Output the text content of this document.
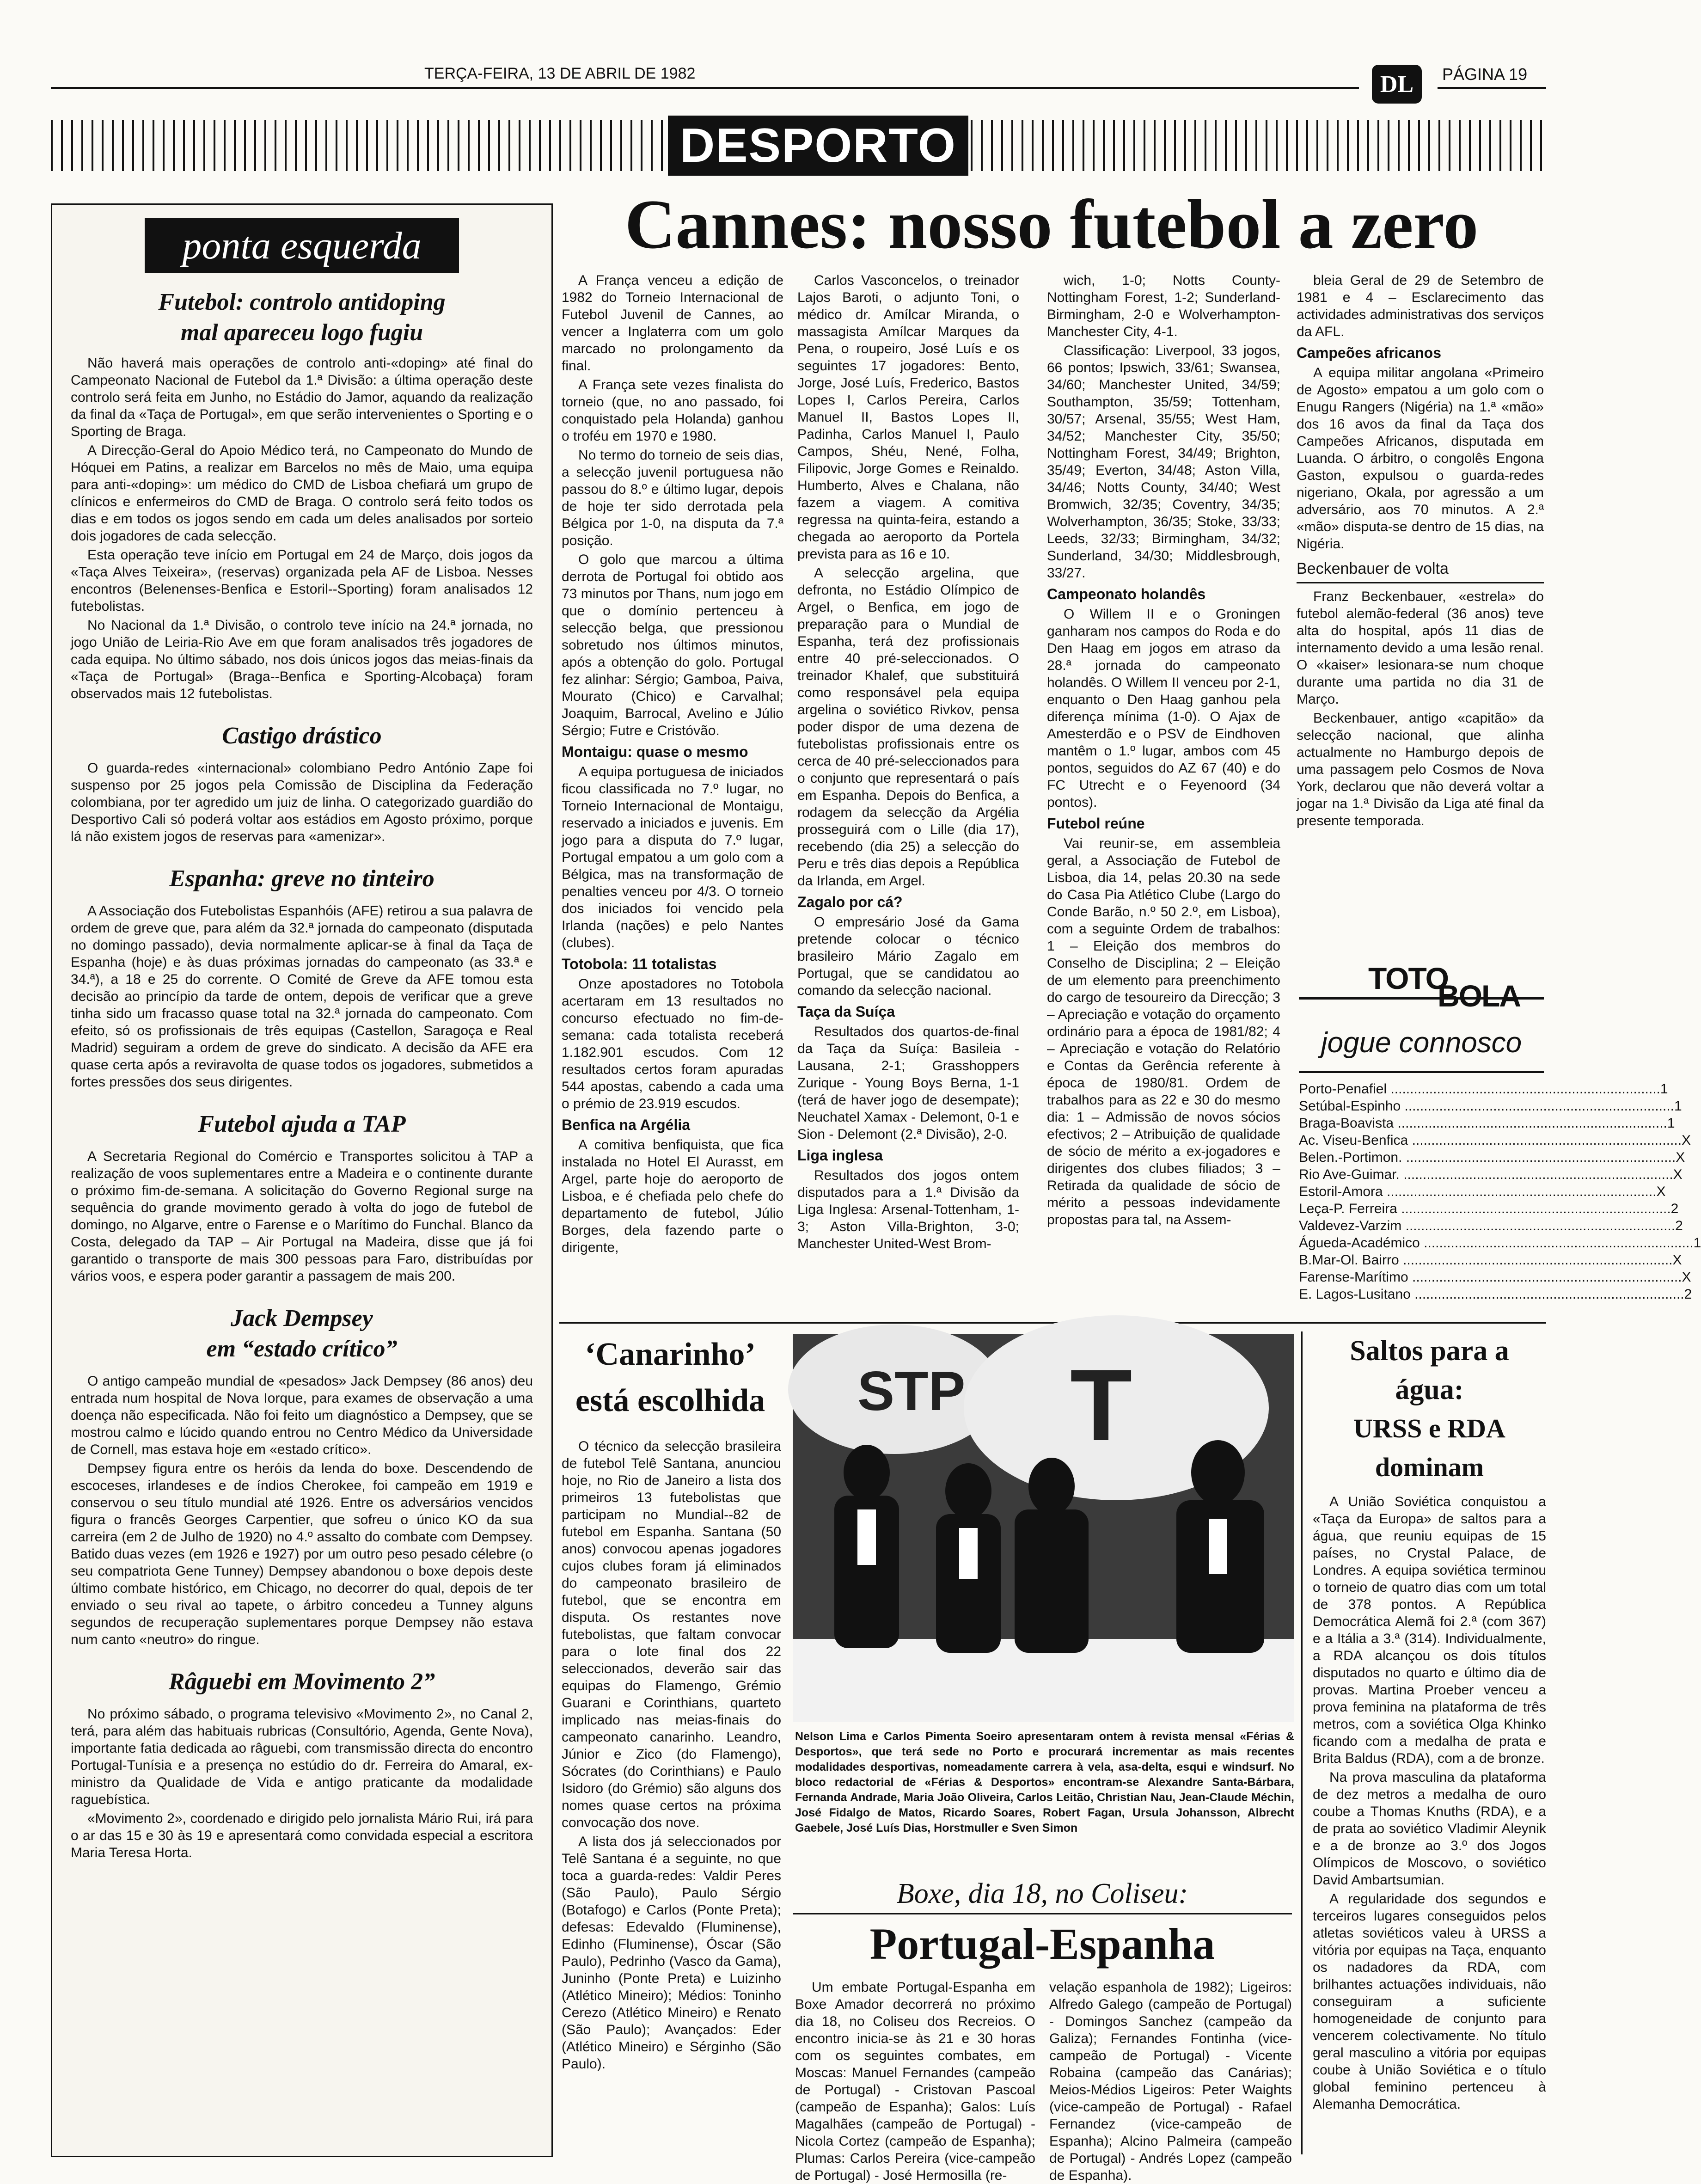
TERÇA-FEIRA, 13 DE ABRIL DE 1982	DL PÁGINA 19
DESPORTO
ponta esquerda
Futebol: controlo antidoping
mal apareceu logo fugiu

Não haverá mais operações de controlo anti-«doping» até final do Campeonato Nacional de Futebol da 1.ª Divisão: a última operação deste controlo será feita em Junho, no Estádio do Jamor, aquando da realização da final da «Taça de Portugal», em que serão intervenientes o Sporting e o Sporting de Braga.

A Direcção-Geral do Apoio Médico terá, no Campeonato do Mundo de Hóquei em Patins, a realizar em Barcelos no mês de Maio, uma equipa para anti-«doping»: um médico do CMD de Lisboa chefiará um grupo de clínicos e enfermeiros do CMD de Braga. O controlo será feito todos os dias e em todos os jogos sendo em cada um deles analisados por sorteio dois jogadores de cada selecção.

Esta operação teve início em Portugal em 24 de Março, dois jogos da «Taça Alves Teixeira», (reservas) organizada pela AF de Lisboa. Nesses encontros (Belenenses-Benfica e Estoril--Sporting) foram analisados 12 futebolistas.

No Nacional da 1.ª Divisão, o controlo teve início na 24.ª jornada, no jogo União de Leiria-Rio Ave em que foram analisados três jogadores de cada equipa. No último sábado, nos dois únicos jogos das meias-finais da «Taça de Portugal» (Braga--Benfica e Sporting-Alcobaça) foram observados mais 12 futebolistas.

Castigo drástico

O guarda-redes «internacional» colombiano Pedro António Zape foi suspenso por 25 jogos pela Comissão de Disciplina da Federação colombiana, por ter agredido um juiz de linha. O categorizado guardião do Desportivo Cali só poderá voltar aos estádios em Agosto próximo, porque lá não existem jogos de reservas para «amenizar».

Espanha: greve no tinteiro

A Associação dos Futebolistas Espanhóis (AFE) retirou a sua palavra de ordem de greve que, para além da 32.ª jornada do campeonato (disputada no domingo passado), devia normalmente aplicar-se à final da Taça de Espanha (hoje) e às duas próximas jornadas do campeonato (as 33.ª e 34.ª), a 18 e 25 do corrente. O Comité de Greve da AFE tomou esta decisão ao princípio da tarde de ontem, depois de verificar que a greve tinha sido um fracasso quase total na 32.ª jornada do campeonato. Com efeito, só os profissionais de três equipas (Castellon, Saragoça e Real Madrid) seguiram a ordem de greve do sindicato. A decisão da AFE era quase certa após a reviravolta de quase todos os jogadores, submetidos a fortes pressões dos seus dirigentes.

Futebol ajuda a TAP

A Secretaria Regional do Comércio e Transportes solicitou à TAP a realização de voos suplementares entre a Madeira e o continente durante o próximo fim-de-semana. A solicitação do Governo Regional surge na sequência do grande movimento gerado à volta do jogo de futebol de domingo, no Algarve, entre o Farense e o Marítimo do Funchal. Blanco da Costa, delegado da TAP – Air Portugal na Madeira, disse que já foi garantido o transporte de mais 300 pessoas para Faro, distribuídas por vários voos, e espera poder garantir a passagem de mais 200.

Jack Dempsey
em “estado crítico”

O antigo campeão mundial de «pesados» Jack Dempsey (86 anos) deu entrada num hospital de Nova Iorque, para exames de observação a uma doença não especificada. Não foi feito um diagnóstico a Dempsey, que se mostrou calmo e lúcido quando entrou no Centro Médico da Universidade de Cornell, mas estava hoje em «estado crítico».

Dempsey figura entre os heróis da lenda do boxe. Descendendo de escoceses, irlandeses e de índios Cherokee, foi campeão em 1919 e conservou o seu título mundial até 1926. Entre os adversários vencidos figura o francês Georges Carpentier, que sofreu o único KO da sua carreira (em 2 de Julho de 1920) no 4.º assalto do combate com Dempsey. Batido duas vezes (em 1926 e 1927) por um outro peso pesado célebre (o seu compatriota Gene Tunney) Dempsey abandonou o boxe depois deste último combate histórico, em Chicago, no decorrer do qual, depois de ter enviado o seu rival ao tapete, o árbitro concedeu a Tunney alguns segundos de recuperação suplementares porque Dempsey não estava num canto «neutro» do ringue.

Râguebi em Movimento 2”

No próximo sábado, o programa televisivo «Movimento 2», no Canal 2, terá, para além das habituais rubricas (Consultório, Agenda, Gente Nova), importante fatia dedicada ao râguebi, com transmissão directa do encontro Portugal-Tunísia e a presença no estúdio do dr. Ferreira do Amaral, ex-ministro da Qualidade de Vida e antigo praticante da modalidade raguebística.

«Movimento 2», coordenado e dirigido pelo jornalista Mário Rui, irá para o ar das 15 e 30 às 19 e apresentará como convidada especial a escritora Maria Teresa Horta.

Cannes: nosso futebol a zero

A França venceu a edição de 1982 do Torneio Internacional de Futebol Juvenil de Cannes, ao vencer a Inglaterra com um golo marcado no prolongamento da final.

A França sete vezes finalista do torneio (que, no ano passado, foi conquistado pela Holanda) ganhou o troféu em 1970 e 1980.

No termo do torneio de seis dias, a selecção juvenil portuguesa não passou do 8.º e último lugar, depois de hoje ter sido derrotada pela Bélgica por 1-0, na disputa da 7.ª posição.

O golo que marcou a última derrota de Portugal foi obtido aos 73 minutos por Thans, num jogo em que o domínio pertenceu à selecção belga, que pressionou sobretudo nos últimos minutos, após a obtenção do golo. Portugal fez alinhar: Sérgio; Gamboa, Paiva, Mourato (Chico) e Carvalhal; Joaquim, Barrocal, Avelino e Júlio Sérgio; Futre e Cristóvão.

Montaigu: quase o mesmo

A equipa portuguesa de iniciados ficou classificada no 7.º lugar, no Torneio Internacional de Montaigu, reservado a iniciados e juvenis. Em jogo para a disputa do 7.º lugar, Portugal empatou a um golo com a Bélgica, mas na transformação de penalties venceu por 4/3. O torneio dos iniciados foi vencido pela Irlanda (nações) e pelo Nantes (clubes).

Totobola: 11 totalistas

Onze apostadores no Totobola acertaram em 13 resultados no concurso efectuado no fim-de-semana: cada totalista receberá 1.182.901 escudos. Com 12 resultados certos foram apuradas 544 apostas, cabendo a cada uma o prémio de 23.919 escudos.

Benfica na Argélia

A comitiva benfiquista, que fica instalada no Hotel El Aurasst, em Argel, parte hoje do aeroporto de Lisboa, e é chefiada pelo chefe do departamento de futebol, Júlio Borges, dela fazendo parte o dirigente,

Carlos Vasconcelos, o treinador Lajos Baroti, o adjunto Toni, o médico dr. Amílcar Miranda, o massagista Amílcar Marques da Pena, o roupeiro, José Luís e os seguintes 17 jogadores: Bento, Jorge, José Luís, Frederico, Bastos Lopes I, Carlos Pereira, Carlos Manuel II, Bastos Lopes II, Padinha, Carlos Manuel I, Paulo Campos, Shéu, Nené, Folha, Filipovic, Jorge Gomes e Reinaldo. Humberto, Alves e Chalana, não fazem a viagem. A comitiva regressa na quinta-feira, estando a chegada ao aeroporto da Portela prevista para as 16 e 10.

A selecção argelina, que defronta, no Estádio Olímpico de Argel, o Benfica, em jogo de preparação para o Mundial de Espanha, terá dez profissionais entre 40 pré-seleccionados. O treinador Khalef, que substituirá como responsável pela equipa argelina o soviético Rivkov, pensa poder dispor de uma dezena de futebolistas profissionais entre os cerca de 40 pré-seleccionados para o conjunto que representará o país em Espanha. Depois do Benfica, a rodagem da selecção da Argélia prosseguirá com o Lille (dia 17), recebendo (dia 25) a selecção do Peru e três dias depois a República da Irlanda, em Argel.

Zagalo por cá?

O empresário José da Gama pretende colocar o técnico brasileiro Mário Zagalo em Portugal, que se candidatou ao comando da selecção nacional.

Taça da Suíça

Resultados dos quartos-de-final da Taça da Suíça: Basileia - Lausana, 2-1; Grasshoppers Zurique - Young Boys Berna, 1-1 (terá de haver jogo de desempate); Neuchatel Xamax - Delemont, 0-1 e Sion - Delemont (2.ª Divisão), 2-0.

Liga inglesa

Resultados dos jogos ontem disputados para a 1.ª Divisão da Liga Inglesa: Arsenal-Tottenham, 1-3; Aston Villa-Brighton, 3-0; Manchester United-West Brom-

wich, 1-0; Notts County-Nottingham Forest, 1-2; Sunderland-Birmingham, 2-0 e Wolverhampton-Manchester City, 4-1.

Classificação: Liverpool, 33 jogos, 66 pontos; Ipswich, 33/61; Swansea, 34/60; Manchester United, 34/59; Southampton, 35/59; Tottenham, 30/57; Arsenal, 35/55; West Ham, 34/52; Manchester City, 35/50; Nottingham Forest, 34/49; Brighton, 35/49; Everton, 34/48; Aston Villa, 34/46; Notts County, 34/40; West Bromwich, 32/35; Coventry, 34/35; Wolverhampton, 36/35; Stoke, 33/33; Leeds, 32/33; Birmingham, 34/32; Sunderland, 34/30; Middlesbrough, 33/27.

Campeonato holandês

O Willem II e o Groningen ganharam nos campos do Roda e do Den Haag em jogos em atraso da 28.ª jornada do campeonato holandês. O Willem II venceu por 2-1, enquanto o Den Haag ganhou pela diferença mínima (1-0). O Ajax de Amesterdão e o PSV de Eindhoven mantêm o 1.º lugar, ambos com 45 pontos, seguidos do AZ 67 (40) e do FC Utrecht e o Feyenoord (34 pontos).

Futebol reúne

Vai reunir-se, em assembleia geral, a Associação de Futebol de Lisboa, dia 14, pelas 20.30 na sede do Casa Pia Atlético Clube (Largo do Conde Barão, n.º 50 2.º, em Lisboa), com a seguinte Ordem de trabalhos: 1 – Eleição dos membros do Conselho de Disciplina; 2 – Eleição de um elemento para preenchimento do cargo de tesoureiro da Direcção; 3 – Apreciação e votação do orçamento ordinário para a época de 1981/82; 4 – Apreciação e votação do Relatório e Contas da Gerência referente à época de 1980/81. Ordem de trabalhos para as 22 e 30 do mesmo dia: 1 – Admissão de novos sócios efectivos; 2 – Atribuição de qualidade de sócio de mérito a ex-jogadores e dirigentes dos clubes filiados; 3 – Retirada da qualidade de sócio de mérito a pessoas indevidamente propostas para tal, na Assem-

bleia Geral de 29 de Setembro de 1981 e 4 – Esclarecimento das actividades administrativas dos serviços da AFL.

Campeões africanos

A equipa militar angolana «Primeiro de Agosto» empatou a um golo com o Enugu Rangers (Nigéria) na 1.ª «mão» dos 16 avos da final da Taça dos Campeões Africanos, disputada em Luanda. O árbitro, o congolês Engona Gaston, expulsou o guarda-redes nigeriano, Okala, por agressão a um adversário, aos 70 minutos. A 2.ª «mão» disputa-se dentro de 15 dias, na Nigéria.

Beckenbauer de volta

Franz Beckenbauer, «estrela» do futebol alemão-federal (36 anos) teve alta do hospital, após 11 dias de internamento devido a uma lesão renal. O «kaiser» lesionara-se num choque durante uma partida no dia 31 de Março.

Beckenbauer, antigo «capitão» da selecção nacional, que alinha actualmente no Hamburgo depois de uma passagem pelo Cosmos de Nova York, declarou que não deverá voltar a jogar na 1.ª Divisão da Liga até final da presente temporada.

TOTO
BOLA
jogue connosco
Porto-Penafiel .....	1
Setúbal-Espinho .....	1
Braga-Boavista .....	1
Ac. Viseu-Benfica .....	X
Belen.-Portimon. .....	X
Rio Ave-Guimar. .....	X
Estoril-Amora .....	X
Leça-P. Ferreira .....	2
Valdevez-Varzim .....	2
Águeda-Académico .....	1
B.Mar-Ol. Bairro .....	X
Farense-Marítimo .....	X
E. Lagos-Lusitano .....	2
‘Canarinho’
está escolhida

O técnico da selecção brasileira de futebol Telê Santana, anunciou hoje, no Rio de Janeiro a lista dos primeiros 13 futebolistas que participam no Mundial--82 de futebol em Espanha. Santana (50 anos) convocou apenas jogadores cujos clubes foram já eliminados do campeonato brasileiro de futebol, que se encontra em disputa. Os restantes nove futebolistas, que faltam convocar para o lote final dos 22 seleccionados, deverão sair das equipas do Flamengo, Grémio Guarani e Corinthians, quarteto implicado nas meias-finais do campeonato canarinho. Leandro, Júnior e Zico (do Flamengo), Sócrates (do Corinthians) e Paulo Isidoro (do Grémio) são alguns dos nomes quase certos na próxima convocação dos nove.

A lista dos já seleccionados por Telê Santana é a seguinte, no que toca a guarda-redes: Valdir Peres (São Paulo), Paulo Sérgio (Botafogo) e Carlos (Ponte Preta); defesas: Edevaldo (Fluminense), Edinho (Fluminense), Óscar (São Paulo), Pedrinho (Vasco da Gama), Juninho (Ponte Preta) e Luizinho (Atlético Mineiro); Médios: Toninho Cerezo (Atlético Mineiro) e Renato (São Paulo); Avançados: Eder (Atlético Mineiro) e Sérginho (São Paulo).

STP T
Nelson Lima e Carlos Pimenta Soeiro apresentaram ontem à revista mensal «Férias & Desportos», que terá sede no Porto e procurará incrementar as mais recentes modalidades desportivas, nomeadamente carrera à vela, asa-delta, esqui e windsurf. No bloco redactorial de «Férias & Desportos» encontram-se Alexandre Santa-Bárbara, Fernanda Andrade, Maria João Oliveira, Carlos Leitão, Christian Nau, Jean-Claude Méchin, José Fidalgo de Matos, Ricardo Soares, Robert Fagan, Ursula Johansson, Albrecht Gaebele, José Luís Dias, Horstmuller e Sven Simon
Boxe, dia 18, no Coliseu:
Portugal-Espanha
Um embate Portugal-Espanha em Boxe Amador decorrerá no próximo dia 18, no Coliseu dos Recreios. O encontro inicia-se às 21 e 30 horas com os seguintes combates, em Moscas: Manuel Fernandes (campeão de Portugal) - Cristovan Pascoal (campeão de Espanha); Galos: Luís Magalhães (campeão de Portugal) - Nicola Cortez (campeão de Espanha); Plumas: Carlos Pereira (vice-campeão de Portugal) - José Hermosilla (re-
velação espanhola de 1982); Ligeiros: Alfredo Galego (campeão de Portugal) - Domingos Sanchez (campeão da Galiza); Fernandes Fontinha (vice-campeão de Portugal) - Vicente Robaina (campeão das Canárias); Meios-Médios Ligeiros: Peter Waights (vice-campeão de Portugal) - Rafael Fernandez (vice-campeão de Espanha); Alcino Palmeira (campeão de Portugal) - Andrés Lopez (campeão de Espanha).
Saltos para a água:
URSS e RDA
dominam

A União Soviética conquistou a «Taça da Europa» de saltos para a água, que reuniu equipas de 15 países, no Crystal Palace, de Londres. A equipa soviética terminou o torneio de quatro dias com um total de 378 pontos. A República Democrática Alemã foi 2.ª (com 367) e a Itália a 3.ª (314). Individualmente, a RDA alcançou os dois títulos disputados no quarto e último dia de provas. Martina Proeber venceu a prova feminina na plataforma de três metros, com a soviética Olga Khinko ficando com a medalha de prata e Brita Baldus (RDA), com a de bronze.

Na prova masculina da plataforma de dez metros a medalha de ouro coube a Thomas Knuths (RDA), e a de prata ao soviético Vladimir Aleynik e a de bronze ao 3.º dos Jogos Olímpicos de Moscovo, o soviético David Ambartsumian.

A regularidade dos segundos e terceiros lugares conseguidos pelos atletas soviéticos valeu à URSS a vitória por equipas na Taça, enquanto os nadadores da RDA, com brilhantes actuações individuais, não conseguiram a suficiente homogeneidade de conjunto para vencerem colectivamente. No título geral masculino a vitória por equipas coube à União Soviética e o título global feminino pertenceu à Alemanha Democrática.
